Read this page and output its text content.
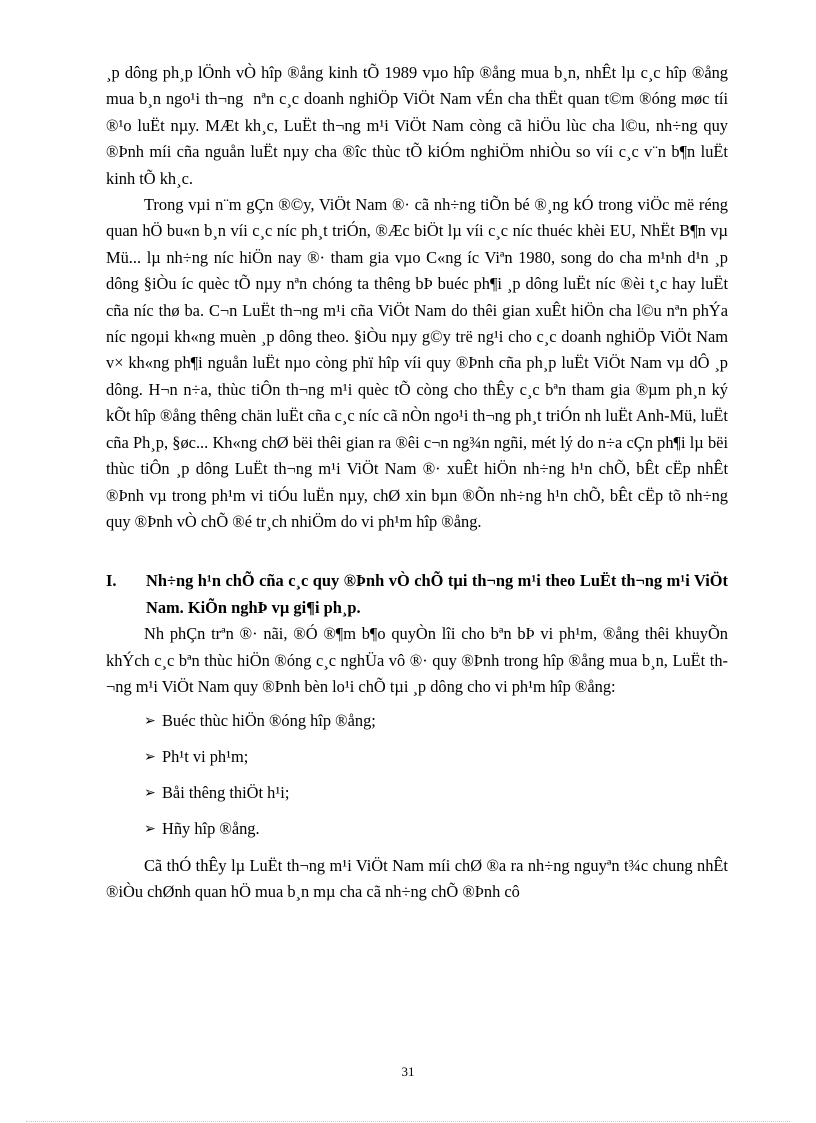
¸p dông ph¸p lÖnh vÒ hîp ®ång kinh tÕ 1989 vµo hîp ®ång mua b¸n, nhÊt lµ c¸c hîp ®ång mua b¸n ngo¹i th¬ng nªn c¸c doanh nghiÖp ViÖt Nam vÉn cha thËt quan t©m ®óng møc tíi ®¹o luËt nµy. MÆt kh¸c, LuËt th¬ng m¹i ViÖt Nam còng cã hiÖu lùc cha l©u, nh÷ng quy ®Þnh míi cña nguån luËt nµy cha ®îc thùc tÕ kiÓm nghiÖm nhiÒu so víi c¸c v¨n b¶n luËt kinh tÕ kh¸c.

Trong vµi n¨m gÇn ®©y, ViÖt Nam ®· cã nh÷ng tiÕn bé ®¸ng kÓ trong viÖc më réng quan hÖ bu«n b¸n víi c¸c níc ph¸t triÓn, ®Æc biÖt lµ víi c¸c níc thuéc khèi EU, NhËt B¶n vµ Mü... lµ nh÷ng níc hiÖn nay ®· tham gia vµo C«ng íc Viªn 1980, song do cha m¹nh d¹n ¸p dông §iÒu íc quèc tÕ nµy nªn chóng ta thêng bÞ buéc ph¶i ¸p dông luËt níc ®èi t¸c hay luËt cña níc thø ba. C¬n LuËt th¬ng m¹i cña ViÖt Nam do thêi gian xuÊt hiÖn cha l©u nªn phÝa níc ngoµi kh«ng muèn ¸p dông theo. §iÒu nµy g©y trë ng¹i cho c¸c doanh nghiÖp ViÖt Nam v× kh«ng ph¶i nguån luËt nµo còng phï hîp víi quy ®Þnh cña ph¸p luËt ViÖt Nam vµ dÔ ¸p dông. H¬n n÷a, thùc tiÔn th¬ng m¹i quèc tÕ còng cho thÊy c¸c bªn tham gia ®µm ph¸n ký kÕt hîp ®ång thêng chän luËt cña c¸c níc cã nÒn ngo¹i th¬ng ph¸t triÓn nh luËt Anh-Mü, luËt cña Ph¸p, §øc... Kh«ng chØ bëi thêi gian ra ®êi c¬n ng¾n ngñi, mét lý do n÷a cÇn ph¶i lµ bëi thùc tiÔn ¸p dông LuËt th¬ng m¹i ViÖt Nam ®· xuÊt hiÖn nh÷ng h¹n chÕ, bÊt cËp nhÊt ®Þnh vµ trong ph¹m vi tiÓu luËn nµy, chØ xin bµn ®Õn nh÷ng h¹n chÕ, bÊt cËp tõ nh÷ng quy ®Þnh vÒ chÕ ®é tr¸ch nhiÖm do vi ph¹m hîp ®ång.

I.	Nh÷ng h¹n chÕ cña c¸c quy ®Þnh vÒ chÕ tµi th¬ng m¹i theo LuËt th¬ng m¹i ViÖt Nam. KiÕn nghÞ vµ gi¶i ph¸p.

Nh phÇn trªn ®· nãi, ®Ó ®¶m b¶o quyÒn lîi cho bªn bÞ vi ph¹m, ®ång thêi khuyÕn khÝch c¸c bªn thùc hiÖn ®óng c¸c nghÜa vô ®· quy ®Þnh trong hîp ®ång mua b¸n, LuËt th¬ng m¹i ViÖt Nam quy ®Þnh bèn lo¹i chÕ tµi ¸p dông cho vi ph¹m hîp ®ång:

➢ Buéc thùc hiÖn ®óng hîp ®ång;
➢ Ph¹t vi ph¹m;
➢ Båi thêng thiÖt h¹i;
➢ Hñy hîp ®ång.

Cã thÓ thÊy lµ LuËt th¬ng m¹i ViÖt Nam míi chØ ®a ra nh÷ng nguyªn t¾c chung nhÊt ®iÒu chØnh quan hÖ mua b¸n mµ cha cã nh÷ng chÕ ®Þnh cô

31
